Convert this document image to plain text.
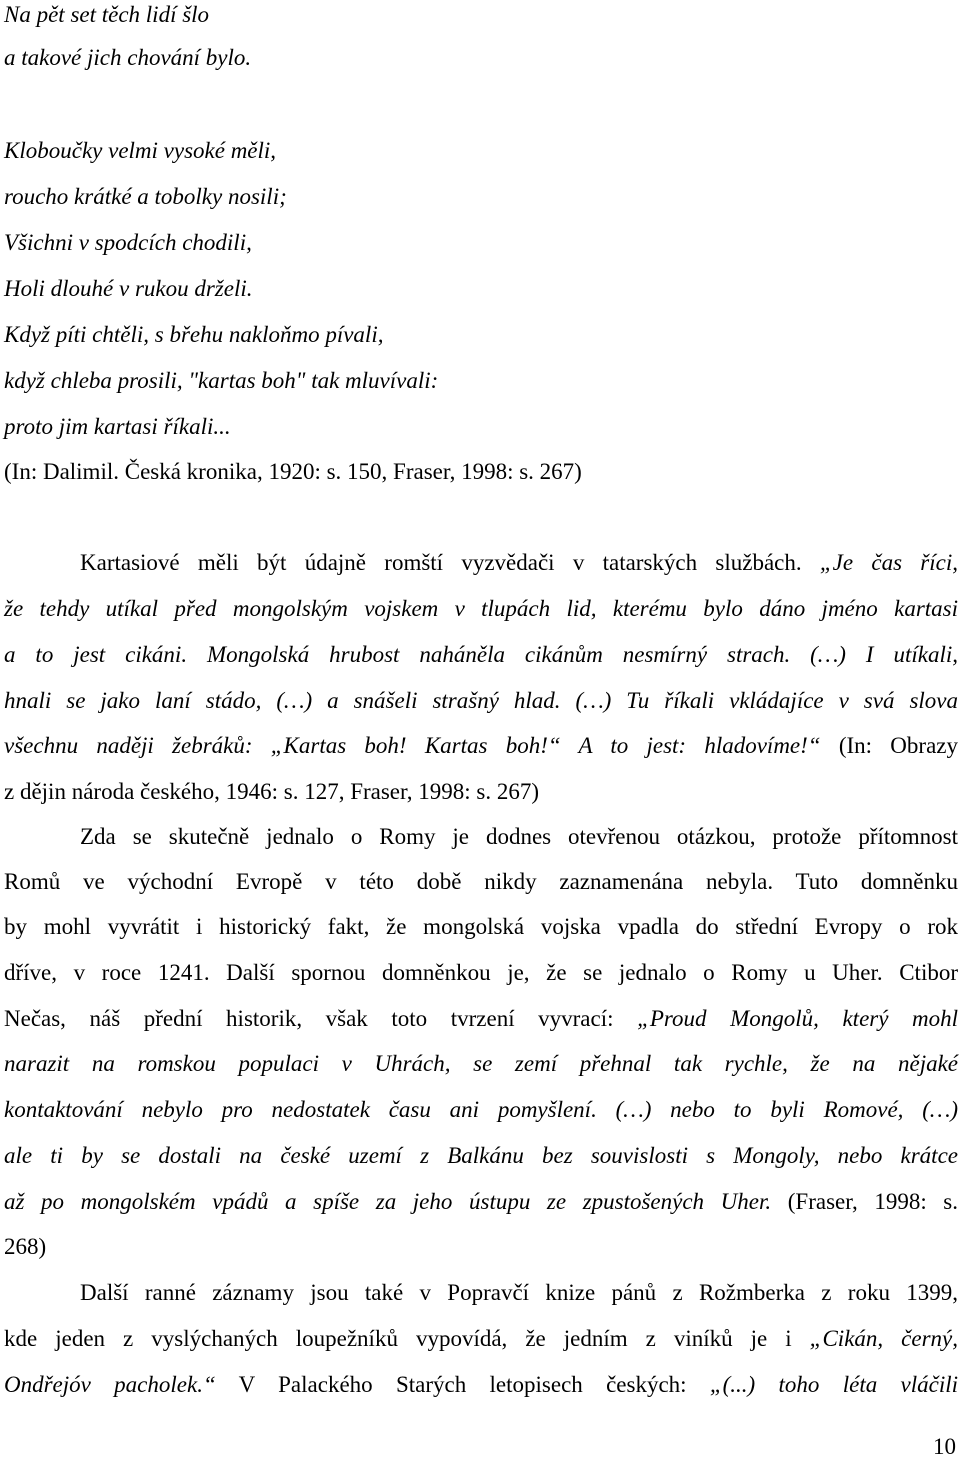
Na pět set těch lidí šlo
a takové jich chování bylo.
Kloboučky velmi vysoké měli,
roucho krátké a tobolky nosili;
Všichni v spodcích chodili,
Holi dlouhé v rukou drželi.
Když píti chtěli, s břehu nakloňmo pívali,
když chleba prosili, "kartas boh" tak mluvívali:
proto jim kartasi říkali...
(In: Dalimil. Česká kronika, 1920: s. 150, Fraser, 1998: s. 267)
Kartasiové měli být údajně romští vyzvědači v tatarských službách. „Je čas říci,
že tehdy utíkal před mongolským vojskem v tlupách lid, kterému bylo dáno jméno kartasi
a to jest cikáni. Mongolská hrubost naháněla cikánům nesmírný strach. (…) I utíkali,
hnali se jako laní stádo, (…) a snášeli strašný hlad. (…) Tu říkali vkládajíce v svá slova
všechnu naději žebráků: „Kartas boh! Kartas boh!“ A to jest: hladovíme!“ (In: Obrazy
z dějin národa českého, 1946: s. 127, Fraser, 1998: s. 267)
Zda se skutečně jednalo o Romy je dodnes otevřenou otázkou, protože přítomnost
Romů ve východní Evropě v této době nikdy zaznamenána nebyla. Tuto domněnku
by mohl vyvrátit i historický fakt, že mongolská vojska vpadla do střední Evropy o rok
dříve, v roce 1241. Další spornou domněnkou je, že se jednalo o Romy u Uher. Ctibor
Nečas, náš přední historik, však toto tvrzení vyvrací: „Proud Mongolů, který mohl
narazit na romskou populaci v Uhrách, se zemí přehnal tak rychle, že na nějaké
kontaktování nebylo pro nedostatek času ani pomyšlení. (…) nebo to byli Romové, (…)
ale ti by se dostali na české uzemí z Balkánu bez souvislosti s Mongoly, nebo krátce
až po mongolském vpádů a spíše za jeho ústupu ze zpustošených Uher. (Fraser, 1998: s.
268)
Další ranné záznamy jsou také v Popravčí knize pánů z Rožmberka z roku 1399,
kde jeden z vyslýchaných loupežníků vypovídá, že jedním z viníků je i „Cikán, černý,
Ondřejóv pacholek.“ V Palackého Starých letopisech českých: „(...) toho léta vláčili
10
